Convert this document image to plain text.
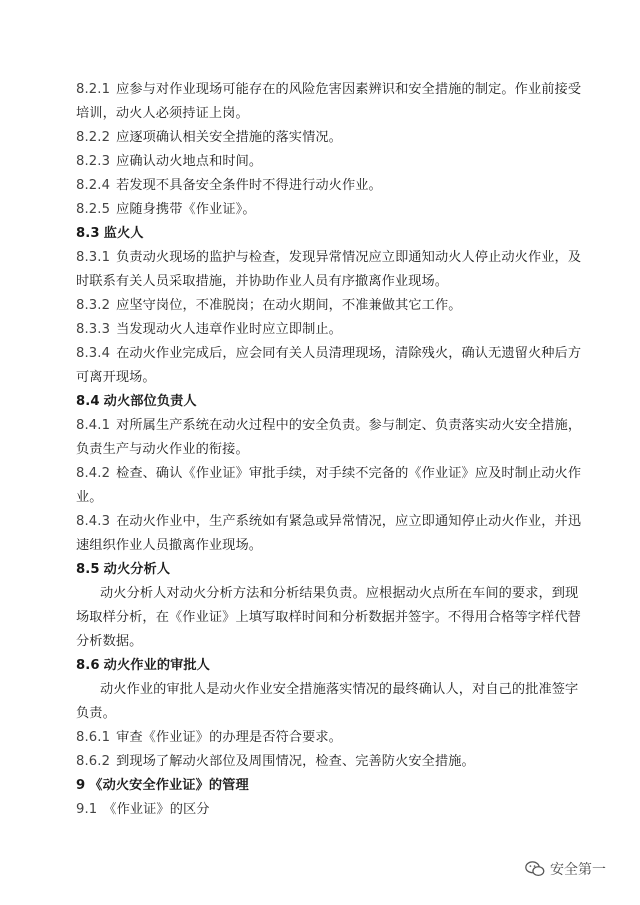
8.2.1 应参与对作业现场可能存在的风险危害因素辨识和安全措施的制定。作业前接受
培训，动火人必须持证上岗。
8.2.2 应逐项确认相关安全措施的落实情况。
8.2.3 应确认动火地点和时间。
8.2.4 若发现不具备安全条件时不得进行动火作业。
8.2.5 应随身携带《作业证》。
8.3 监火人
8.3.1 负责动火现场的监护与检查，发现异常情况应立即通知动火人停止动火作业，及
时联系有关人员采取措施，并协助作业人员有序撤离作业现场。
8.3.2 应坚守岗位，不准脱岗；在动火期间，不准兼做其它工作。
8.3.3 当发现动火人违章作业时应立即制止。
8.3.4 在动火作业完成后，应会同有关人员清理现场，清除残火，确认无遗留火种后方
可离开现场。
8.4 动火部位负责人
8.4.1 对所属生产系统在动火过程中的安全负责。参与制定、负责落实动火安全措施，
负责生产与动火作业的衔接。
8.4.2 检查、确认《作业证》审批手续，对手续不完备的《作业证》应及时制止动火作
业。
8.4.3 在动火作业中，生产系统如有紧急或异常情况，应立即通知停止动火作业，并迅
速组织作业人员撤离作业现场。
8.5 动火分析人
动火分析人对动火分析方法和分析结果负责。应根据动火点所在车间的要求，到现
场取样分析，在《作业证》上填写取样时间和分析数据并签字。不得用合格等字样代替
分析数据。
8.6 动火作业的审批人
动火作业的审批人是动火作业安全措施落实情况的最终确认人，对自己的批准签字
负责。
8.6.1 审查《作业证》的办理是否符合要求。
8.6.2 到现场了解动火部位及周围情况，检查、完善防火安全措施。
9 《动火安全作业证》的管理
9.1 《作业证》的区分
安全第一
